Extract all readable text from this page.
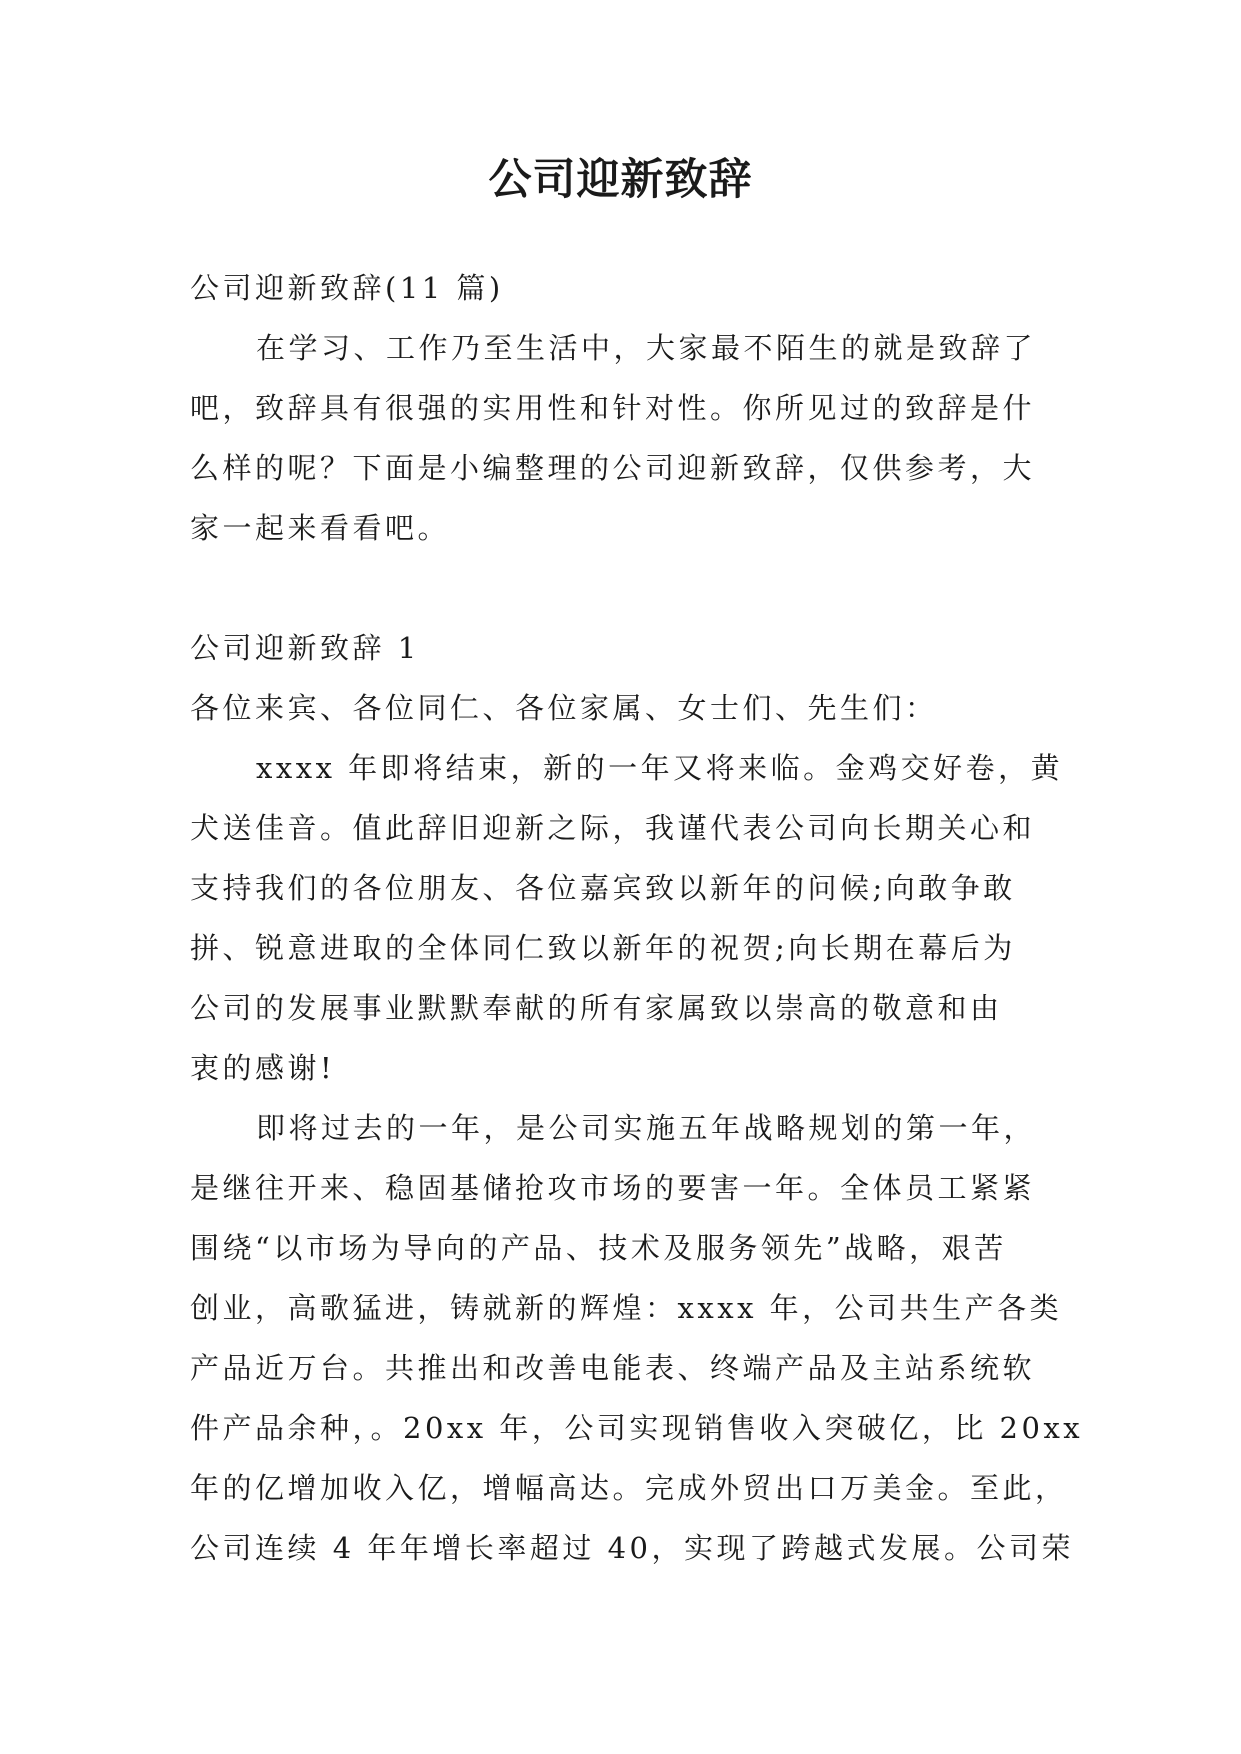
公司迎新致辞
公司迎新致辞(11 篇)
在学习、工作乃至生活中，大家最不陌生的就是致辞了
吧，致辞具有很强的实用性和针对性。你所见过的致辞是什
么样的呢？下面是小编整理的公司迎新致辞，仅供参考，大
家一起来看看吧。
公司迎新致辞 1
各位来宾、各位同仁、各位家属、女士们、先生们：
xxxx 年即将结束，新的一年又将来临。金鸡交好卷，黄
犬送佳音。值此辞旧迎新之际，我谨代表公司向长期关心和
支持我们的各位朋友、各位嘉宾致以新年的问候;向敢争敢
拼、锐意进取的全体同仁致以新年的祝贺;向长期在幕后为
公司的发展事业默默奉献的所有家属致以崇高的敬意和由
衷的感谢!
即将过去的一年，是公司实施五年战略规划的第一年，
是继往开来、稳固基储抢攻市场的要害一年。全体员工紧紧
围绕“以市场为导向的产品、技术及服务领先”战略，艰苦
创业，高歌猛进，铸就新的辉煌：xxxx 年，公司共生产各类
产品近万台。共推出和改善电能表、终端产品及主站系统软
件产品余种，。20xx 年，公司实现销售收入突破亿，比 20xx
年的亿增加收入亿，增幅高达。完成外贸出口万美金。至此，
公司连续 4 年年增长率超过 40，实现了跨越式发展。公司荣
